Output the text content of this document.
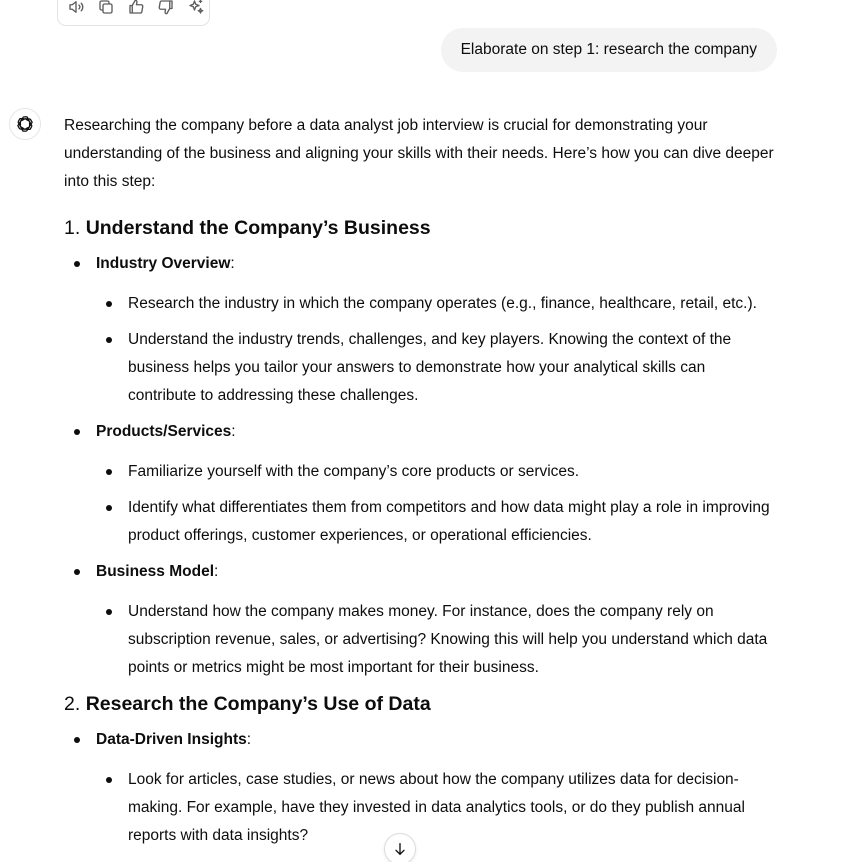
Elaborate on step 1: research the company

Researching the company before a data analyst job interview is crucial for demonstrating your understanding of the business and aligning your skills with their needs. Here’s how you can dive deeper into this step:

1. Understand the Company’s Business
Industry Overview:
Research the industry in which the company operates (e.g., finance, healthcare, retail, etc.).
Understand the industry trends, challenges, and key players. Knowing the context of the business helps you tailor your answers to demonstrate how your analytical skills can contribute to addressing these challenges.
Products/Services:
Familiarize yourself with the company’s core products or services.
Identify what differentiates them from competitors and how data might play a role in improving product offerings, customer experiences, or operational efficiencies.
Business Model:
Understand how the company makes money. For instance, does the company rely on subscription revenue, sales, or advertising? Knowing this will help you understand which data points or metrics might be most important for their business.
2. Research the Company’s Use of Data
Data-Driven Insights:
Look for articles, case studies, or news about how the company utilizes data for decision-making. For example, have they invested in data analytics tools, or do they publish annual reports with data insights?
